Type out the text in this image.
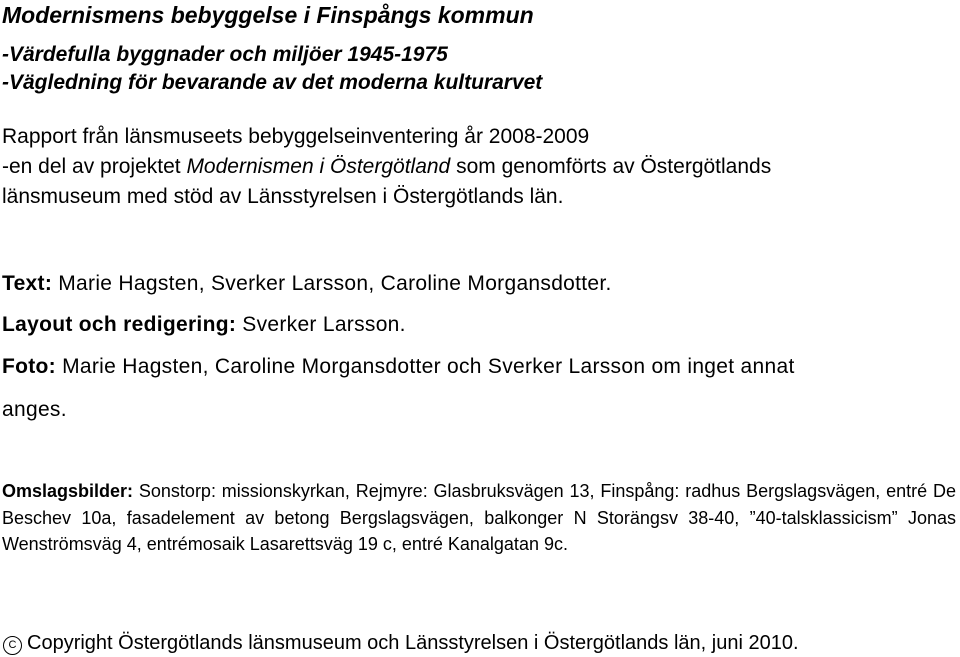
Modernismens bebyggelse i Finspångs kommun
-Värdefulla byggnader och miljöer 1945-1975
-Vägledning för bevarande av det moderna kulturarvet
Rapport från länsmuseets bebyggelseinventering år 2008-2009
-en del av projektet Modernismen i Östergötland som genomförts av Östergötlands
länsmuseum med stöd av Länsstyrelsen i Östergötlands län.
Text: Marie Hagsten, Sverker Larsson, Caroline Morgansdotter.
Layout och redigering: Sverker Larsson.
Foto: Marie Hagsten, Caroline Morgansdotter och Sverker Larsson om inget annat
anges.
Omslagsbilder: Sonstorp: missionskyrkan, Rejmyre: Glasbruksvägen 13, Finspång: radhus Bergslagsvägen, entré De Beschev 10a, fasadelement av betong Bergslagsvägen, balkonger N Storängsv 38-40, ”40-talsklassicism” Jonas Wenströmsväg 4, entrémosaik Lasarettsväg 19 c, entré Kanalgatan 9c.
C Copyright Östergötlands länsmuseum och Länsstyrelsen i Östergötlands län, juni 2010.
